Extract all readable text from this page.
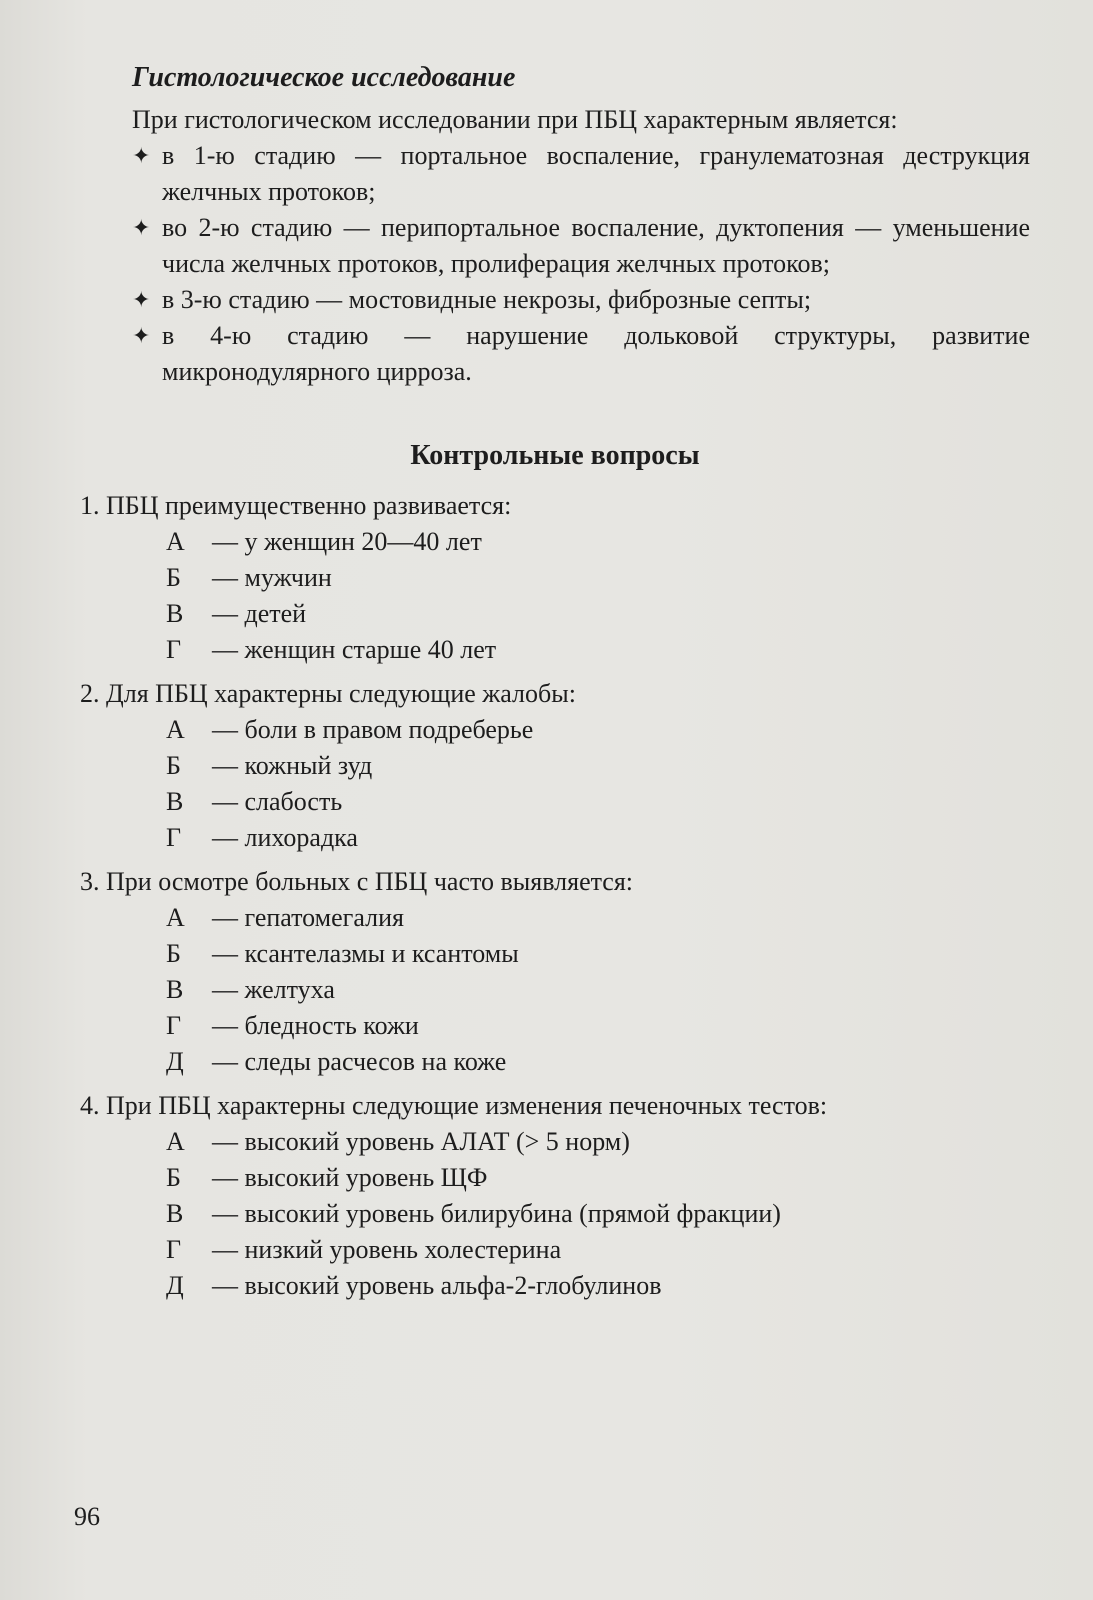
Гистологическое исследование

При гистологическом исследовании при ПБЦ характерным является:

✦ в 1-ю стадию — портальное воспаление, гранулематозная деструкция желчных протоков;
✦ во 2-ю стадию — перипортальное воспаление, дуктопения — уменьшение числа желчных протоков, пролиферация желчных протоков;
✦ в 3-ю стадию — мостовидные некрозы, фиброзные септы;
✦ в 4-ю стадию — нарушение дольковой структуры, развитие микронодулярного цирроза.
Контрольные вопросы
1. ПБЦ преимущественно развивается:
А — у женщин 20—40 лет
Б — мужчин
В — детей
Г — женщин старше 40 лет
2. Для ПБЦ характерны следующие жалобы:
А — боли в правом подреберье
Б — кожный зуд
В — слабость
Г — лихорадка
3. При осмотре больных с ПБЦ часто выявляется:
А — гепатомегалия
Б — ксантелазмы и ксантомы
В — желтуха
Г — бледность кожи
Д — следы расчесов на коже
4. При ПБЦ характерны следующие изменения печеночных тестов:
А — высокий уровень АЛАТ (> 5 норм)
Б — высокий уровень ЩФ
В — высокий уровень билирубина (прямой фракции)
Г — низкий уровень холестерина
Д — высокий уровень альфа-2-глобулинов
96
